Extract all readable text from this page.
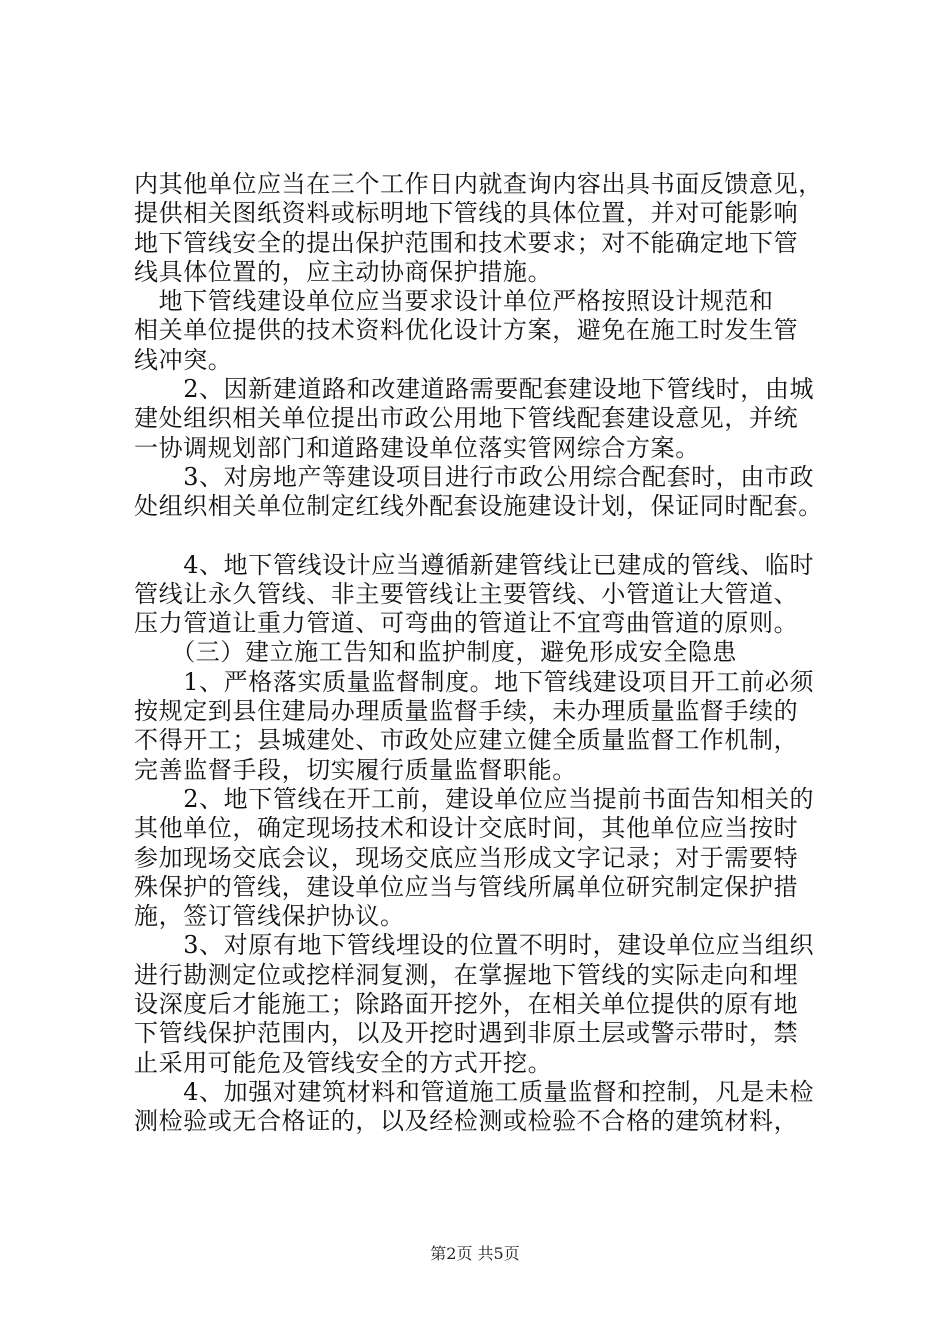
内其他单位应当在三个工作日内就查询内容出具书面反馈意见，
提供相关图纸资料或标明地下管线的具体位置，并对可能影响
地下管线安全的提出保护范围和技术要求；对不能确定地下管
线具体位置的，应主动协商保护措施。
　地下管线建设单位应当要求设计单位严格按照设计规范和
相关单位提供的技术资料优化设计方案，避免在施工时发生管
线冲突。
　　2、因新建道路和改建道路需要配套建设地下管线时，由城
建处组织相关单位提出市政公用地下管线配套建设意见，并统
一协调规划部门和道路建设单位落实管网综合方案。
　　3、对房地产等建设项目进行市政公用综合配套时，由市政
处组织相关单位制定红线外配套设施建设计划，保证同时配套。
　　4、地下管线设计应当遵循新建管线让已建成的管线、临时
管线让永久管线、非主要管线让主要管线、小管道让大管道、
压力管道让重力管道、可弯曲的管道让不宜弯曲管道的原则。
　　（三）建立施工告知和监护制度，避免形成安全隐患
　　1、严格落实质量监督制度。地下管线建设项目开工前必须
按规定到县住建局办理质量监督手续，未办理质量监督手续的
不得开工；县城建处、市政处应建立健全质量监督工作机制，
完善监督手段，切实履行质量监督职能。
　　2、地下管线在开工前，建设单位应当提前书面告知相关的
其他单位，确定现场技术和设计交底时间，其他单位应当按时
参加现场交底会议，现场交底应当形成文字记录；对于需要特
殊保护的管线，建设单位应当与管线所属单位研究制定保护措
施，签订管线保护协议。
　　3、对原有地下管线埋设的位置不明时，建设单位应当组织
进行勘测定位或挖样洞复测，在掌握地下管线的实际走向和埋
设深度后才能施工；除路面开挖外，在相关单位提供的原有地
下管线保护范围内，以及开挖时遇到非原土层或警示带时，禁
止采用可能危及管线安全的方式开挖。
　　4、加强对建筑材料和管道施工质量监督和控制，凡是未检
测检验或无合格证的，以及经检测或检验不合格的建筑材料，
第2页 共5页
